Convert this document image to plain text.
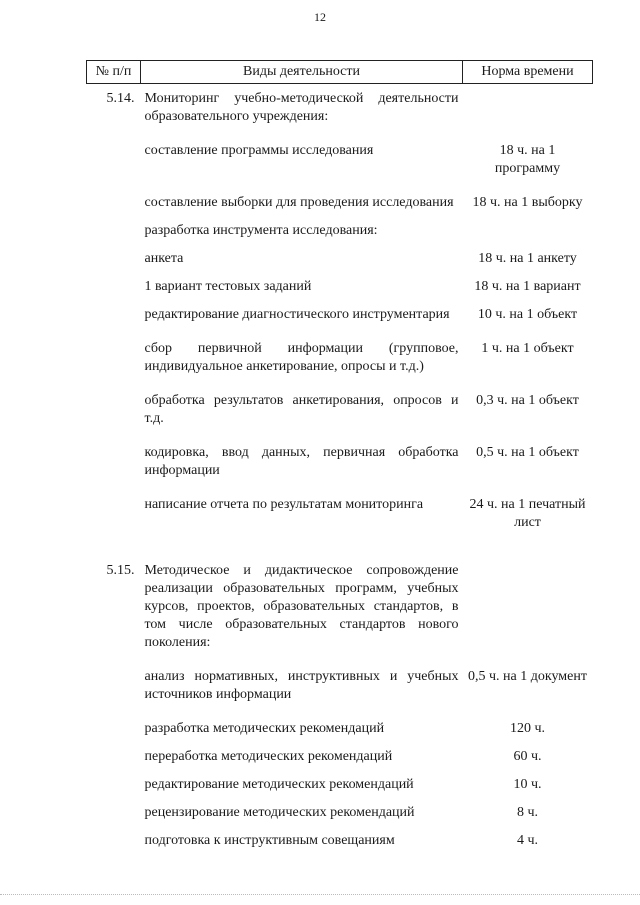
12
№ п/п	Виды деятельности	Норма времени
5.14.	Мониторинг учебно-методической деятельности образовательного учреждения:	
	составление программы исследования	18 ч. на 1 программу
	составление выборки для проведения исследования	18 ч. на 1 выборку
	разработка инструмента исследования:	
	анкета	18 ч. на 1 анкету
	1 вариант тестовых заданий	18 ч. на 1 вариант
	редактирование диагностического инструментария	10 ч. на 1 объект
	сбор первичной информации (групповое, индивидуальное анкетирование, опросы и т.д.)	1 ч. на 1 объект
	обработка результатов анкетирования, опросов и т.д.	0,3 ч. на 1 объект
	кодировка, ввод данных, первичная обработка информации	0,5 ч. на 1 объект
	написание отчета по результатам мониторинга	24 ч. на 1 печатный лист
5.15.	Методическое и дидактическое сопровождение реализации образовательных программ, учебных курсов, проектов, образовательных стандартов, в том числе образовательных стандартов нового поколения:	
	анализ нормативных, инструктивных и учебных источников информации	0,5 ч. на 1 документ
	разработка методических рекомендаций	120 ч.
	переработка методических рекомендаций	60 ч.
	редактирование методических рекомендаций	10 ч.
	рецензирование методических рекомендаций	8 ч.
	подготовка к инструктивным совещаниям	4 ч.
